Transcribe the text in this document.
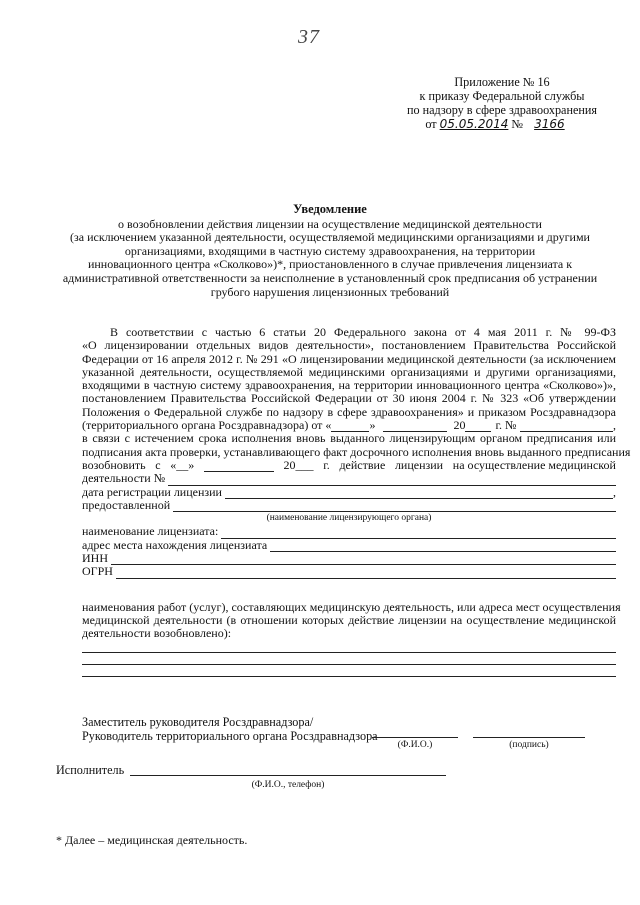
37
Приложение № 16
к приказу Федеральной службы
по надзору в сфере здравоохранения
от 05.05.2014 № 3166
Уведомление
о возобновлении действия лицензии на осуществление медицинской деятельности
(за исключением указанной деятельности, осуществляемой медицинскими организациями и другими
организациями, входящими в частную систему здравоохранения, на территории
инновационного центра «Сколково»)*, приостановленного в случае привлечения лицензиата к
административной ответственности за неисполнение в установленный срок предписания об устранении
грубого нарушения лицензионных требований
В соответствии с частью 6 статьи 20 Федерального закона от 4 мая 2011 г. № 99-ФЗ
«О лицензировании отдельных видов деятельности», постановлением Правительства Российской
Федерации от 16 апреля 2012 г. № 291 «О лицензировании медицинской деятельности (за исключением
указанной деятельности, осуществляемой медицинскими организациями и другими организациями,
входящими в частную систему здравоохранения, на территории инновационного центра «Сколково»)»,
постановлением Правительства Российской Федерации от 30 июня 2004 г. № 323 «Об утверждении
Положения о Федеральной службе по надзору в сфере здравоохранения» и приказом Росздравнадзора
(территориального органа Росздравнадзора) от «	»	20	г. №	,
в связи с истечением срока исполнения вновь выданного лицензирующим органом предписания или
подписания акта проверки, устанавливающего факт досрочного исполнения вновь выданного предписания
возобновить с «__»	20___ г. действие лицензии на осуществление медицинской
деятельности №
дата регистрации лицензии	,
предоставленной
(наименование лицензирующего органа)
наименование лицензиата:
адрес места нахождения лицензиата
ИНН
ОГРН
наименования работ (услуг), составляющих медицинскую деятельность, или адреса мест осуществления
медицинской деятельности (в отношении которых действие лицензии на осуществление медицинской
деятельности возобновлено):
Заместитель руководителя Росздравнадзора/
Руководитель территориального органа Росздравнадзора
(Ф.И.О.)	(подпись)
Исполнитель
(Ф.И.О., телефон)
* Далее – медицинская деятельность.
